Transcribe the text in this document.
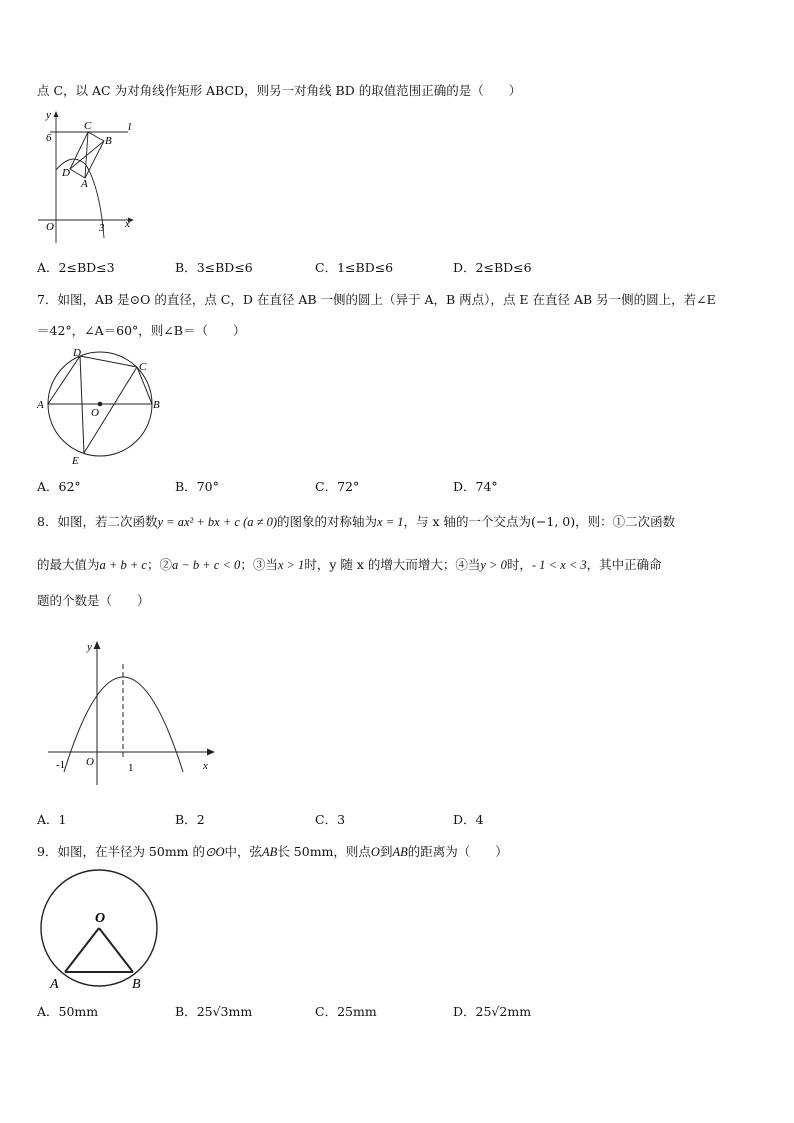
点 C，以 AC 为对角线作矩形 ABCD，则另一对角线 BD 的取值范围正确的是（　　）
y
6
C	l
B
D
A
O	3 x
A．2≤BD≤3	B．3≤BD≤6	C．1≤BD≤6	D．2≤BD≤6
7．如图，AB 是⊙O 的直径，点 C，D 在直径 AB 一侧的圆上（异于 A，B 两点），点 E 在直径 AB 另一侧的圆上，若∠E
＝42°，∠A＝60°，则∠B＝（　　）
A	B
C
D
E
O
A．62°	B．70°	C．72°	D．74°
8．如图，若二次函数y = ax² + bx + c (a ≠ 0)的图象的对称轴为x = 1，与 x 轴的一个交点为(−1, 0)，则：①二次函数
的最大值为a + b + c；②a − b + c < 0；③当x > 1时，y 随 x 的增大而增大；④当y > 0时，- 1 < x < 3，其中正确命
题的个数是（　　）
y
x
O
-1	1
A．1	B．2	C．3	D．4
9．如图，在半径为 50mm 的⊙O中，弦AB长 50mm，则点O到AB的距离为（　　）
O
A	B
A．50mm	B．25√3mm	C．25mm	D．25√2mm
